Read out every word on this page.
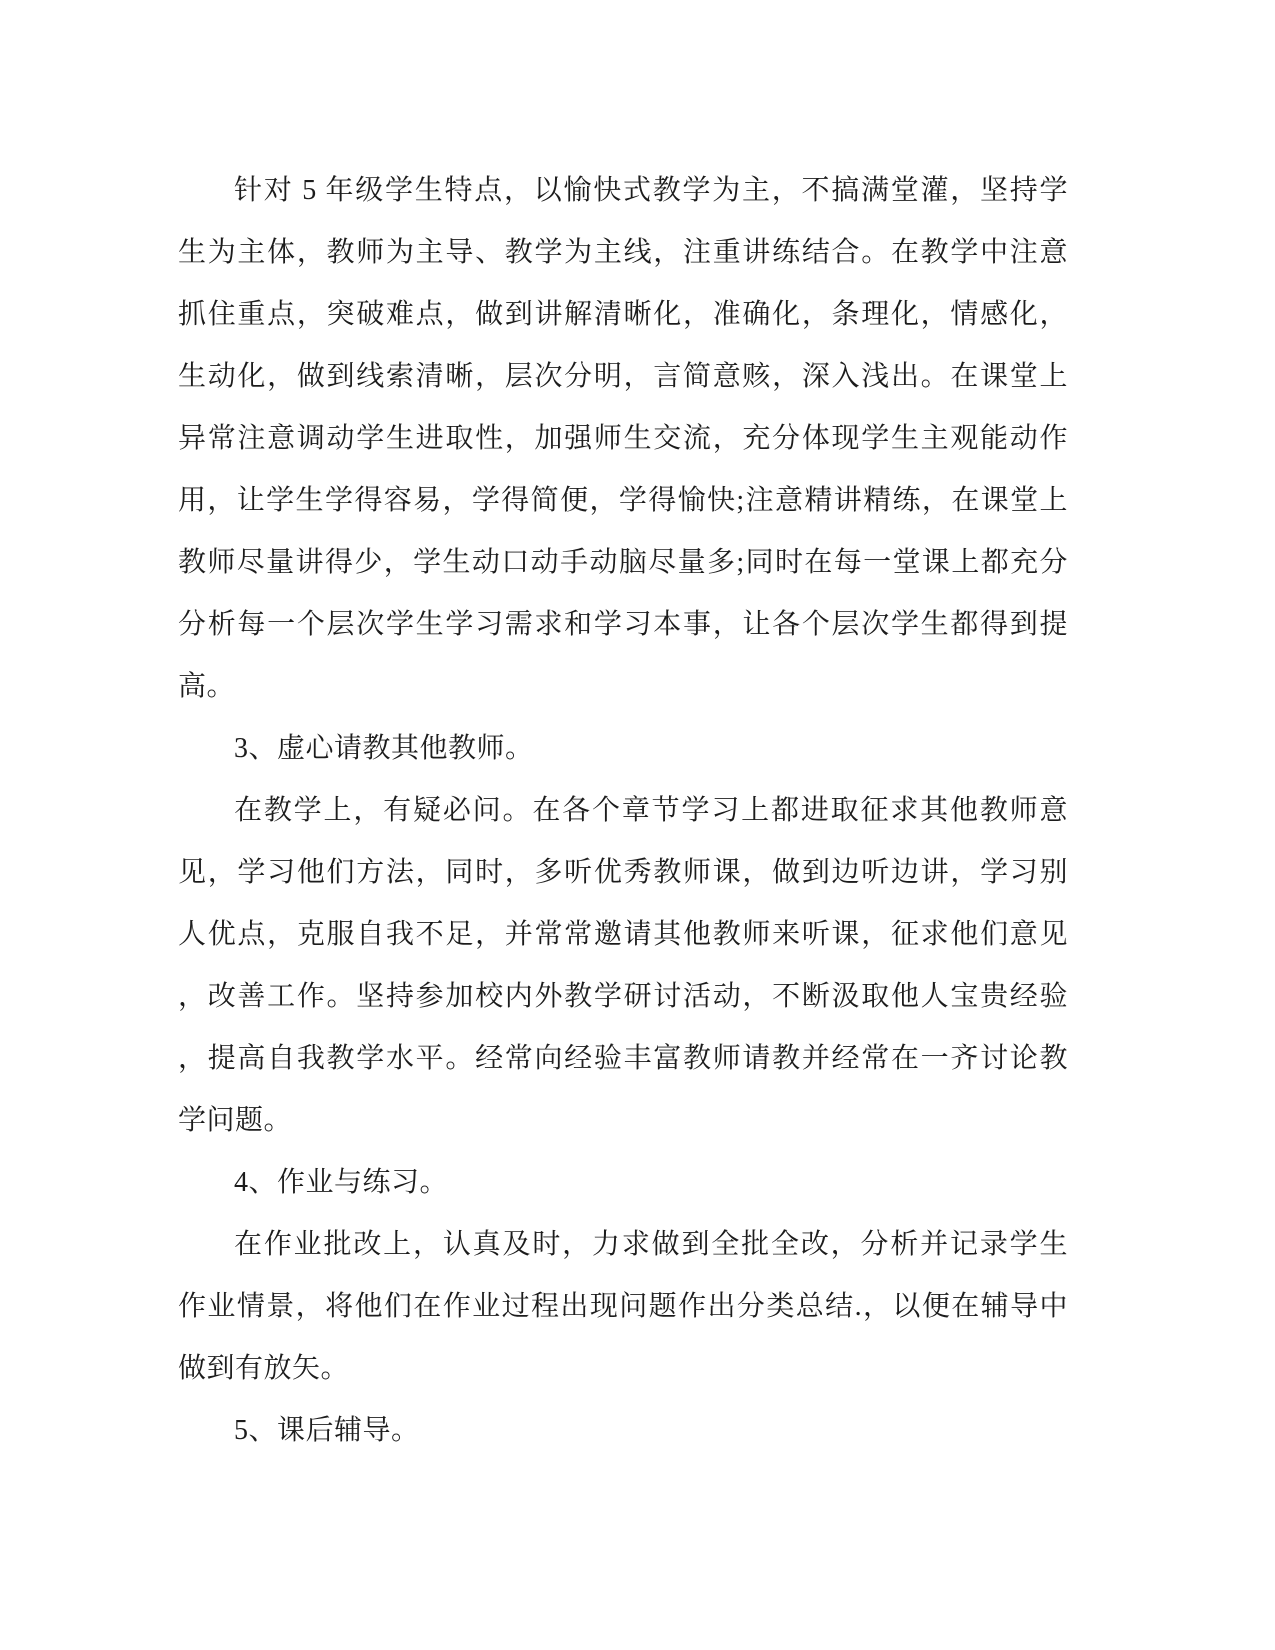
针对 5 年级学生特点，以愉快式教学为主，不搞满堂灌，坚持学
生为主体，教师为主导、教学为主线，注重讲练结合。在教学中注意
抓住重点，突破难点，做到讲解清晰化，准确化，条理化，情感化，
生动化，做到线索清晰，层次分明，言简意赅，深入浅出。在课堂上
异常注意调动学生进取性，加强师生交流，充分体现学生主观能动作
用，让学生学得容易，学得简便，学得愉快;注意精讲精练，在课堂上
教师尽量讲得少，学生动口动手动脑尽量多;同时在每一堂课上都充分
分析每一个层次学生学习需求和学习本事，让各个层次学生都得到提
高。
3、虚心请教其他教师。
在教学上，有疑必问。在各个章节学习上都进取征求其他教师意
见，学习他们方法，同时，多听优秀教师课，做到边听边讲，学习别
人优点，克服自我不足，并常常邀请其他教师来听课，征求他们意见
，改善工作。坚持参加校内外教学研讨活动，不断汲取他人宝贵经验
，提高自我教学水平。经常向经验丰富教师请教并经常在一齐讨论教
学问题。
4、作业与练习。
在作业批改上，认真及时，力求做到全批全改，分析并记录学生
作业情景，将他们在作业过程出现问题作出分类总结.，以便在辅导中
做到有放矢。
5、课后辅导。
